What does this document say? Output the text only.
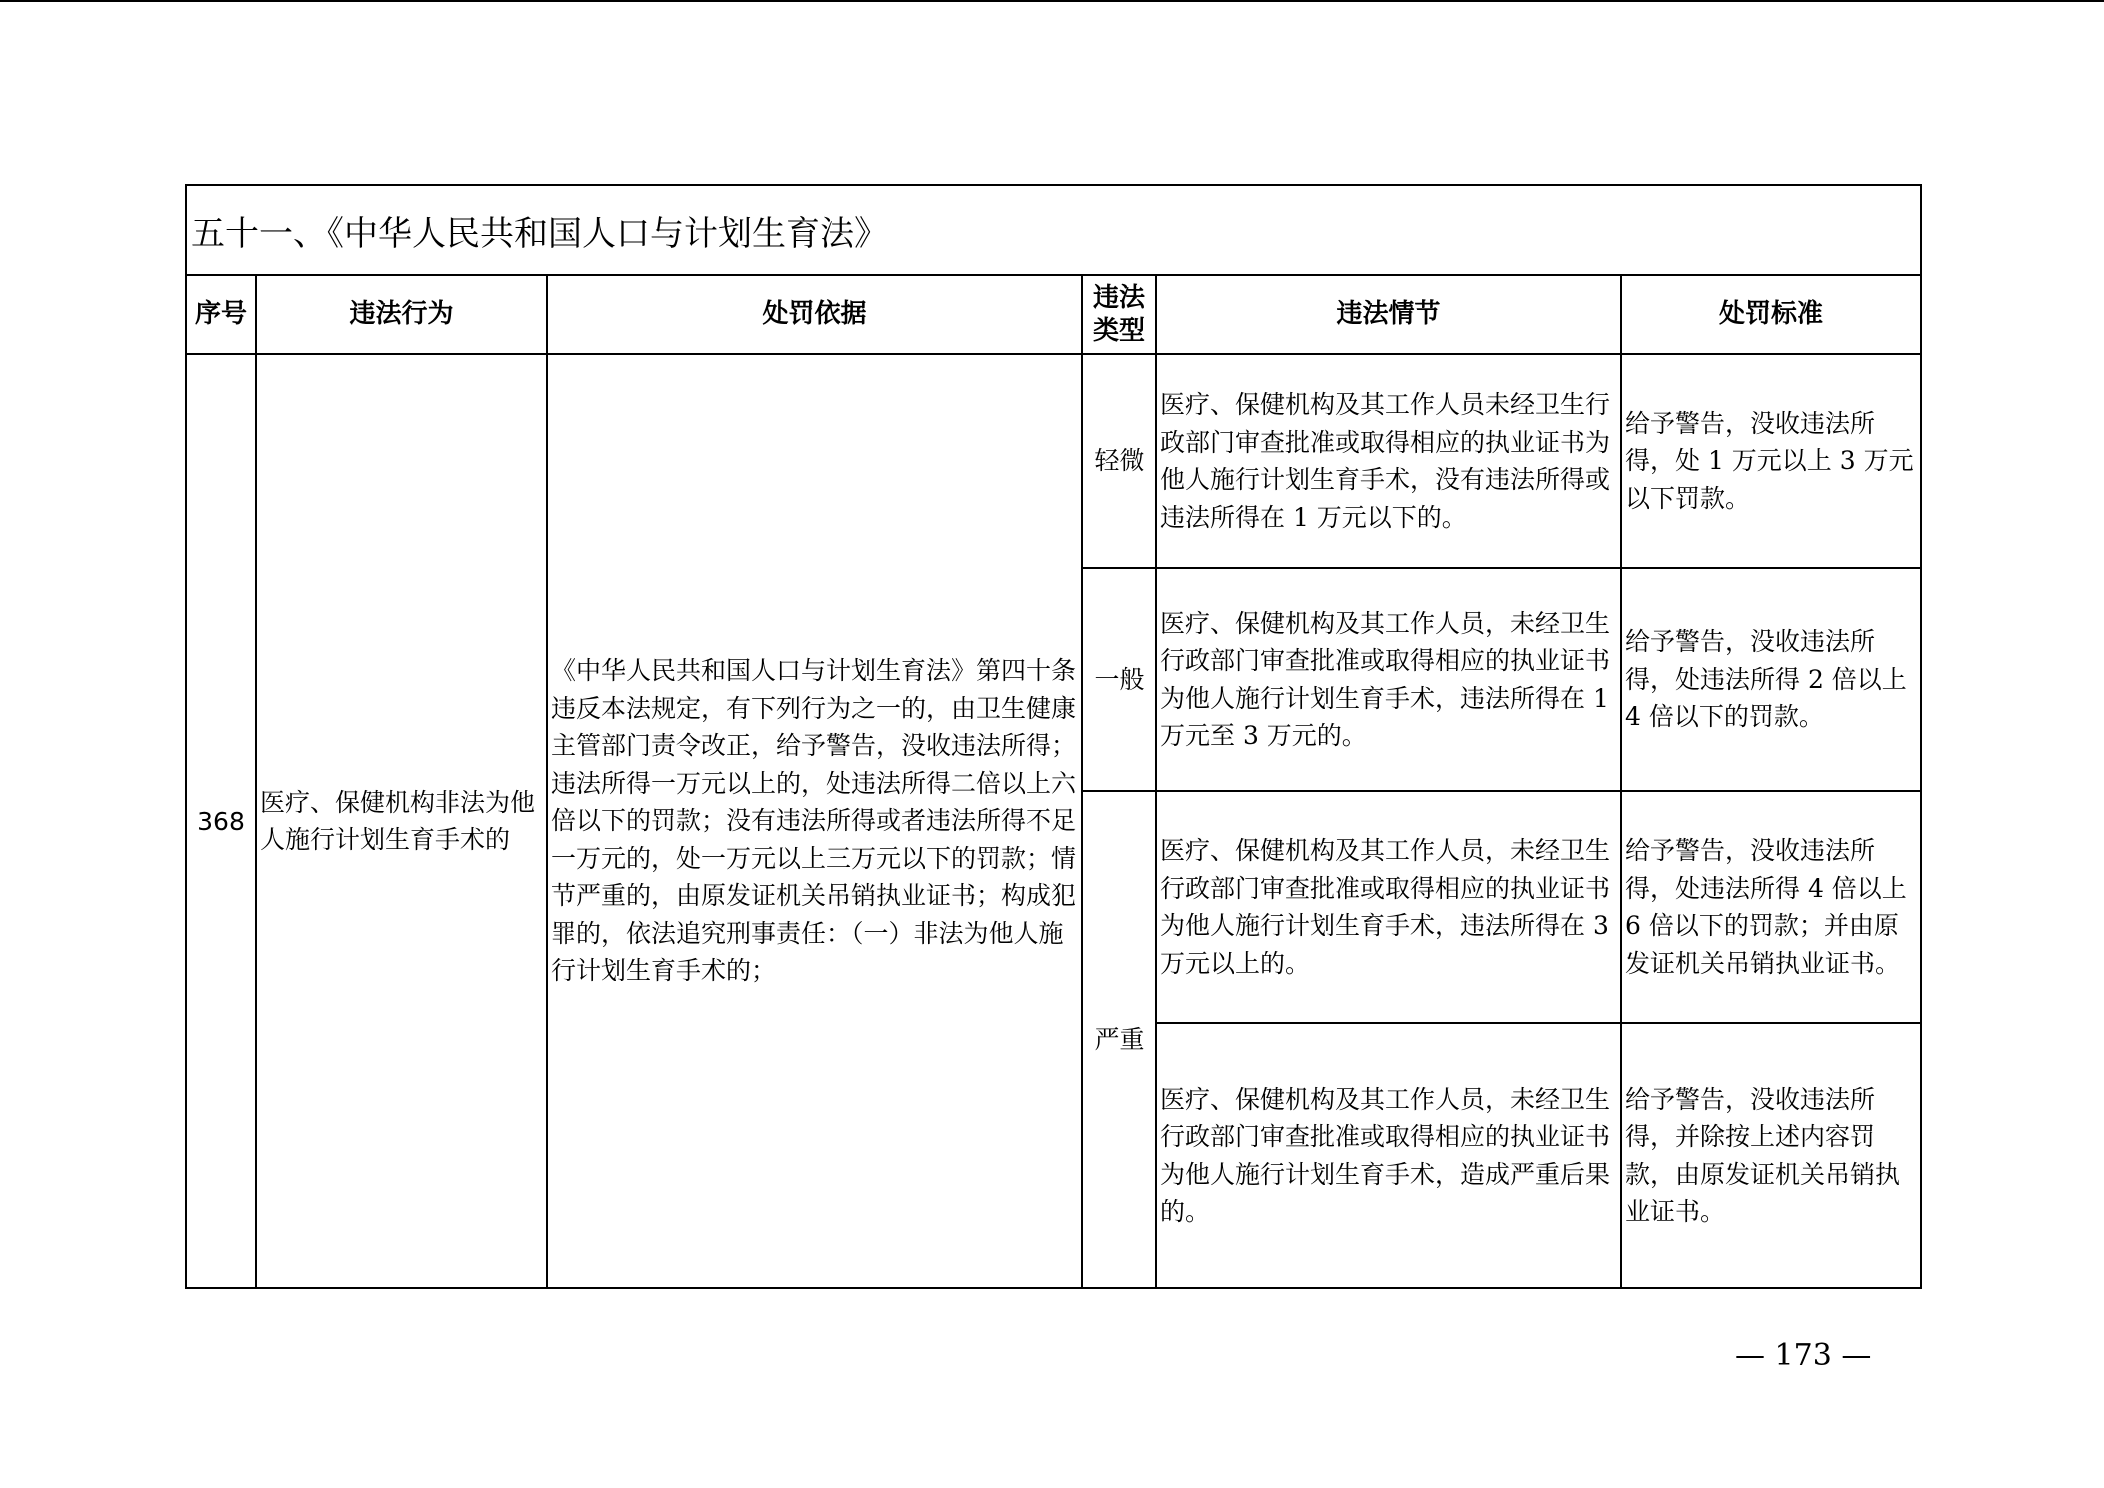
五十一、《中华人民共和国人口与计划生育法》					
序号	违法行为	处罚依据	违法类型	违法情节	处罚标准
368	医疗、保健机构非法为他人施行计划生育手术的	《中华人民共和国人口与计划生育法》第四十条　违反本法规定，有下列行为之一的，由卫生健康主管部门责令改正，给予警告，没收违法所得；违法所得一万元以上的，处违法所得二倍以上六倍以下的罚款；没有违法所得或者违法所得不足一万元的，处一万元以上三万元以下的罚款；情节严重的，由原发证机关吊销执业证书；构成犯罪的，依法追究刑事责任：（一）非法为他人施行计划生育手术的；	轻微	医疗、保健机构及其工作人员未经卫生行政部门审查批准或取得相应的执业证书为他人施行计划生育手术，没有违法所得或违法所得在 1 万元以下的。	给予警告，没收违法所得，处 1 万元以上 3 万元以下罚款。
			一般	医疗、保健机构及其工作人员，未经卫生行政部门审查批准或取得相应的执业证书为他人施行计划生育手术，违法所得在 1 万元至 3 万元的。	给予警告，没收违法所得，处违法所得 2 倍以上 4 倍以下的罚款。
			严重	医疗、保健机构及其工作人员，未经卫生行政部门审查批准或取得相应的执业证书为他人施行计划生育手术，违法所得在 3 万元以上的。	给予警告，没收违法所得，处违法所得 4 倍以上 6 倍以下的罚款；并由原发证机关吊销执业证书。
				医疗、保健机构及其工作人员，未经卫生行政部门审查批准或取得相应的执业证书为他人施行计划生育手术，造成严重后果的。	给予警告，没收违法所得，并除按上述内容罚款，由原发证机关吊销执业证书。
— 173 —
